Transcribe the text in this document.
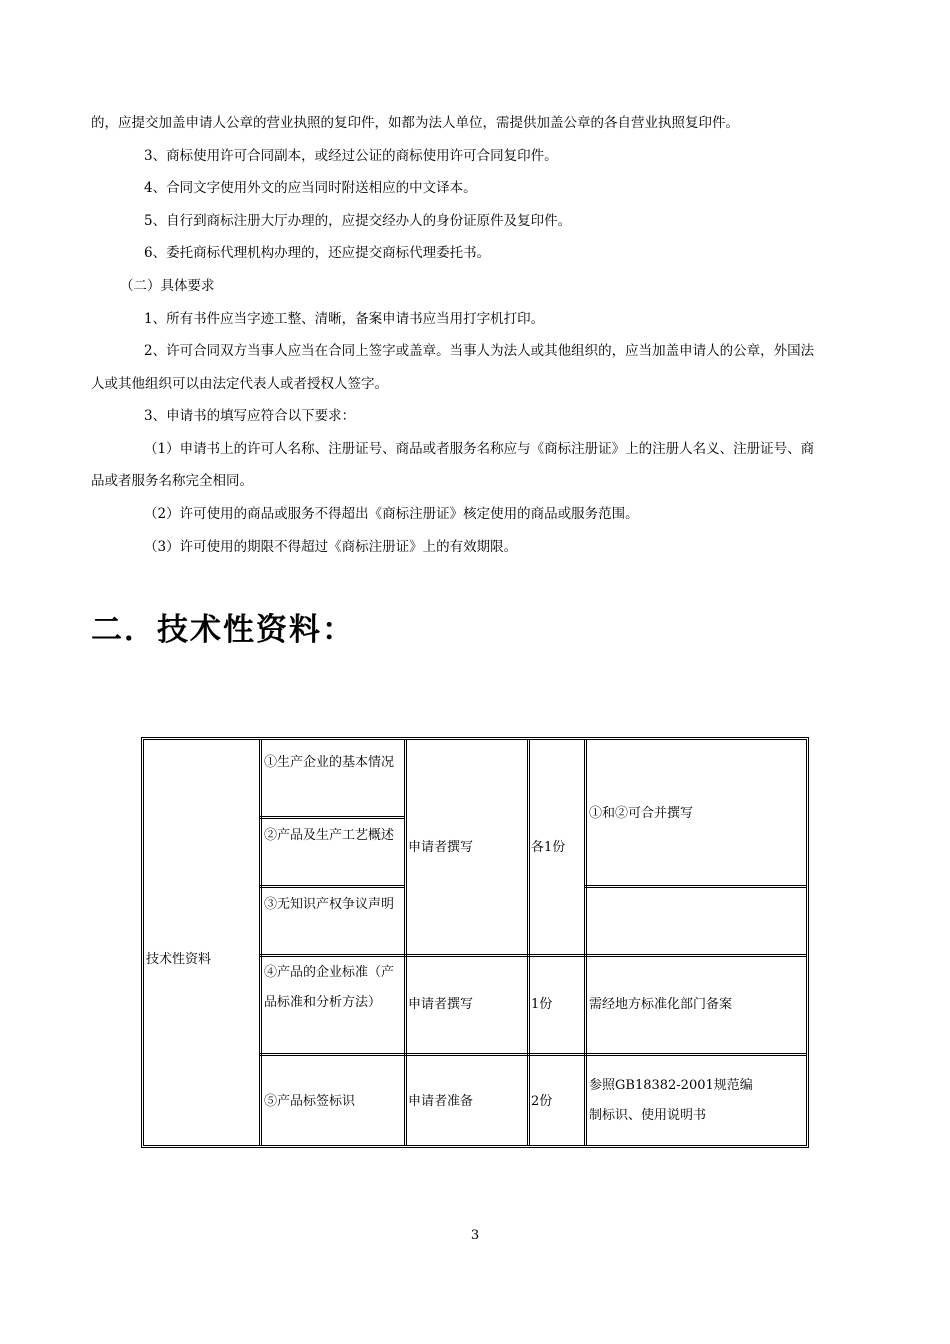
的，应提交加盖申请人公章的营业执照的复印件，如都为法人单位，需提供加盖公章的各自营业执照复印件。
3、商标使用许可合同副本，或经过公证的商标使用许可合同复印件。
4、合同文字使用外文的应当同时附送相应的中文译本。
5、自行到商标注册大厅办理的，应提交经办人的身份证原件及复印件。
6、委托商标代理机构办理的，还应提交商标代理委托书。
（二）具体要求
1、所有书件应当字迹工整、清晰，备案申请书应当用打字机打印。
2、许可合同双方当事人应当在合同上签字或盖章。当事人为法人或其他组织的，应当加盖申请人的公章，外国法
人或其他组织可以由法定代表人或者授权人签字。
3、申请书的填写应符合以下要求：
（1）申请书上的许可人名称、注册证号、商品或者服务名称应与《商标注册证》上的注册人名义、注册证号、商
品或者服务名称完全相同。
（2）许可使用的商品或服务不得超出《商标注册证》核定使用的商品或服务范围。
（3）许可使用的期限不得超过《商标注册证》上的有效期限。
二．技术性资料：
技术性资料
①生产企业的基本情况
②产品及生产工艺概述
③无知识产权争议声明
④产品的企业标准（产品标准和分析方法）
⑤产品标签标识
申请者撰写
申请者撰写
申请者准备
各1份
1份
2份
①和②可合并撰写
需经地方标准化部门备案
参照GB18382-2001规范编制标识、使用说明书
3
